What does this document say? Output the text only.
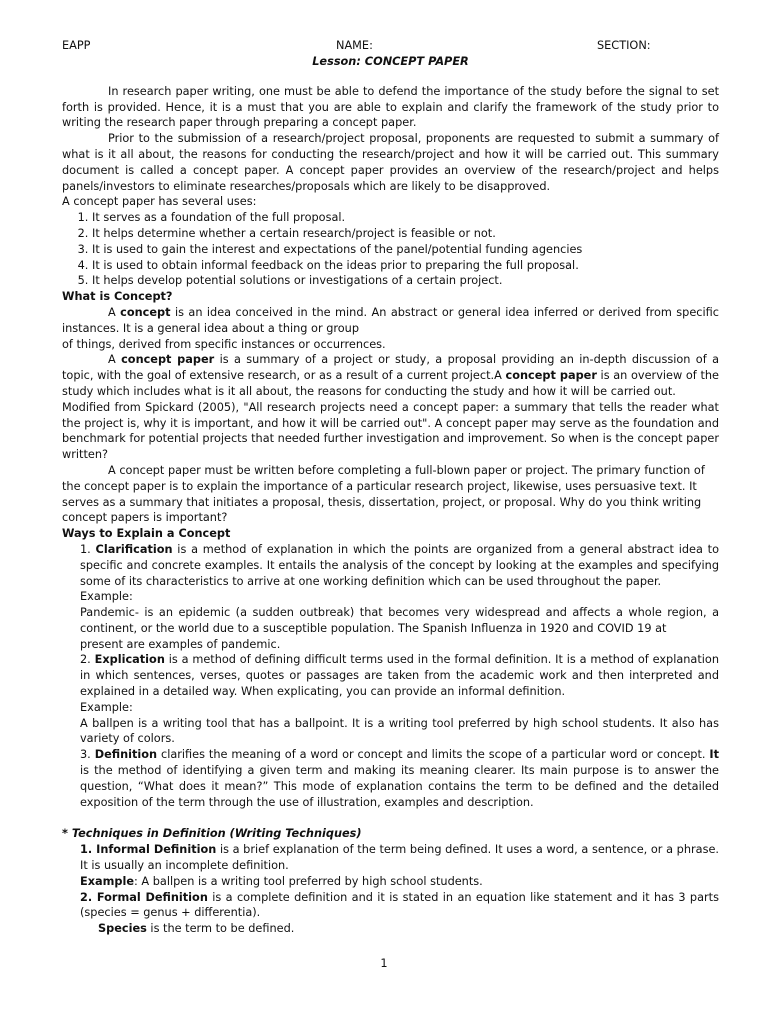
EAPP	NAME:	SECTION:
Lesson: CONCEPT PAPER

In research paper writing, one must be able to defend the importance of the study before the signal to set forth is provided. Hence, it is a must that you are able to explain and clarify the framework of the study prior to writing the research paper through preparing a concept paper.

Prior to the submission of a research/project proposal, proponents are requested to submit a summary of what is it all about, the reasons for conducting the research/project and how it will be carried out. This summary document is called a concept paper. A concept paper provides an overview of the research/project and helps panels/investors to eliminate researches/proposals which are likely to be disapproved.

A concept paper has several uses:

1. It serves as a foundation of the full proposal.
2. It helps determine whether a certain research/project is feasible or not.
3. It is used to gain the interest and expectations of the panel/potential funding agencies
4. It is used to obtain informal feedback on the ideas prior to preparing the full proposal.
5. It helps develop potential solutions or investigations of a certain project.

What is Concept?

A concept is an idea conceived in the mind. An abstract or general idea inferred or derived from specific instances. It is a general idea about a thing or group

of things, derived from specific instances or occurrences.

A concept paper is a summary of a project or study, a proposal providing an in-depth discussion of a topic, with the goal of extensive research, or as a result of a current project.A concept paper is an overview of the study which includes what is it all about, the reasons for conducting the study and how it will be carried out.

Modified from Spickard (2005), "All research projects need a concept paper: a summary that tells the reader what the project is, why it is important, and how it will be carried out". A concept paper may serve as the foundation and benchmark for potential projects that needed further investigation and improvement. So when is the concept paper written?

A concept paper must be written before completing a full-blown paper or project. The primary function of the concept paper is to explain the importance of a particular research project, likewise, uses persuasive text. It serves as a summary that initiates a proposal, thesis, dissertation, project, or proposal. Why do you think writing concept papers is important?

Ways to Explain a Concept

1. Clarification is a method of explanation in which the points are organized from a general abstract idea to specific and concrete examples. It entails the analysis of the concept by looking at the examples and specifying some of its characteristics to arrive at one working definition which can be used throughout the paper.

Example:

Pandemic- is an epidemic (a sudden outbreak) that becomes very widespread and affects a whole region, a continent, or the world due to a susceptible population. The Spanish Influenza in 1920 and COVID 19 at

present are examples of pandemic.

2. Explication is a method of defining difficult terms used in the formal definition. It is a method of explanation in which sentences, verses, quotes or passages are taken from the academic work and then interpreted and explained in a detailed way. When explicating, you can provide an informal definition.

Example:

A ballpen is a writing tool that has a ballpoint. It is a writing tool preferred by high school students. It also has variety of colors.

3. Definition clarifies the meaning of a word or concept and limits the scope of a particular word or concept. It is the method of identifying a given term and making its meaning clearer. Its main purpose is to answer the question, “What does it mean?” This mode of explanation contains the term to be defined and the detailed exposition of the term through the use of illustration, examples and description.

* Techniques in Definition (Writing Techniques)

1. Informal Definition is a brief explanation of the term being defined. It uses a word, a sentence, or a phrase. It is usually an incomplete definition.

Example: A ballpen is a writing tool preferred by high school students.

2. Formal Definition is a complete definition and it is stated in an equation like statement and it has 3 parts (species = genus + differentia).

Species is the term to be defined.

1
